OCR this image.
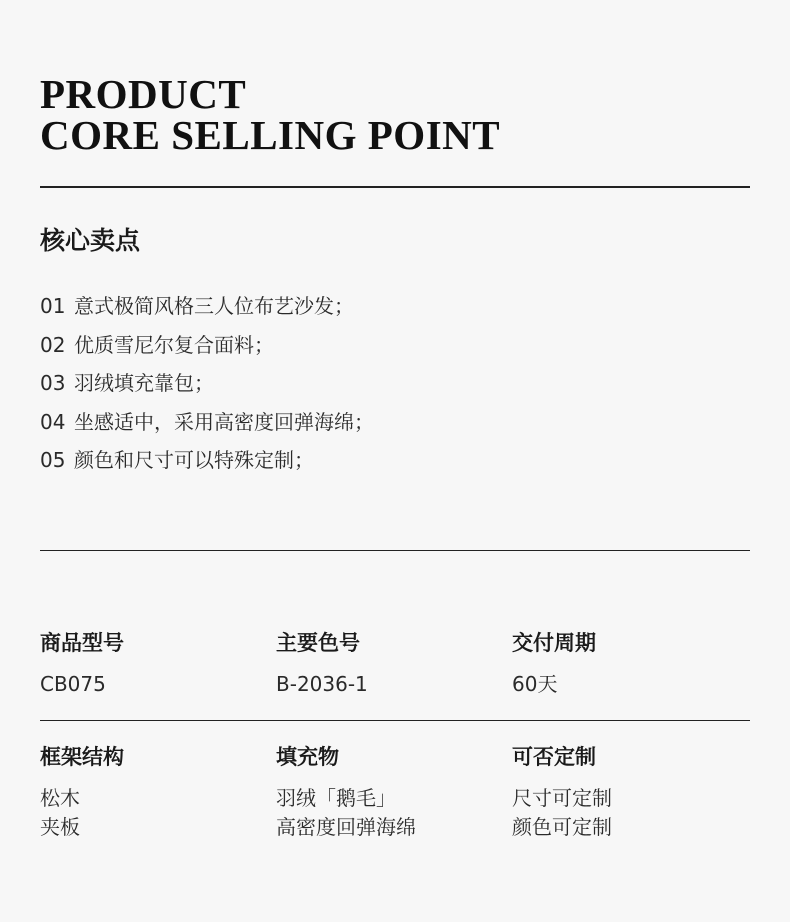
PRODUCT
CORE SELLING POINT
核心卖点
01 意式极简风格三人位布艺沙发；
02 优质雪尼尔复合面料；
03 羽绒填充靠包；
04 坐感适中，采用高密度回弹海绵；
05 颜色和尺寸可以特殊定制；
商品型号
CB075
主要色号
B-2036-1
交付周期
60天
框架结构
松木
夹板
填充物
羽绒「鹅毛」
高密度回弹海绵
可否定制
尺寸可定制
颜色可定制
